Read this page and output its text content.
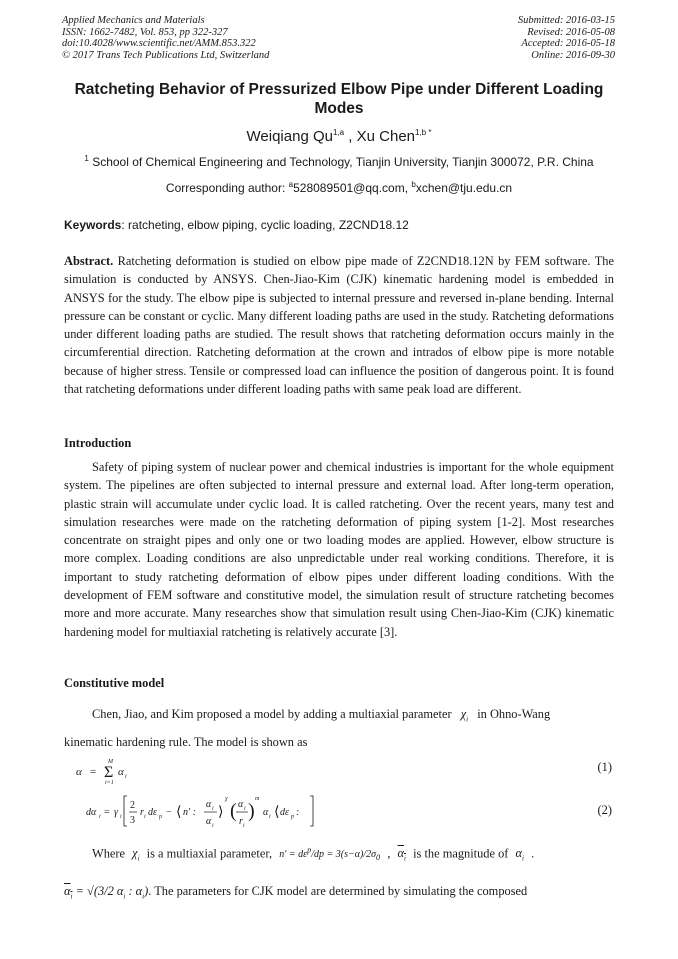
Applied Mechanics and Materials
ISSN: 1662-7482, Vol. 853, pp 322-327
doi:10.4028/www.scientific.net/AMM.853.322
© 2017 Trans Tech Publications Ltd, Switzerland
Submitted: 2016-03-15
Revised: 2016-05-08
Accepted: 2016-05-18
Online: 2016-09-30
Ratcheting Behavior of Pressurized Elbow Pipe under Different Loading Modes
Weiqiang Qu$^{1,a}$ , Xu Chen$^{1,b *}$
$^1$ School of Chemical Engineering and Technology, Tianjin University, Tianjin 300072, P.R. China
Corresponding author: $^a$528089501@qq.com, $^b$xchen@tju.edu.cn
Keywords: ratcheting, elbow piping, cyclic loading, Z2CND18.12
Abstract. Ratcheting deformation is studied on elbow pipe made of Z2CND18.12N by FEM software. The simulation is conducted by ANSYS. Chen-Jiao-Kim (CJK) kinematic hardening model is embedded in ANSYS for the study. The elbow pipe is subjected to internal pressure and reversed in-plane bending. Internal pressure can be constant or cyclic. Many different loading paths are used in the study. Ratcheting deformations under different loading paths are studied. The result shows that ratcheting deformation occurs mainly in the circumferential direction. Ratcheting deformation at the crown and intrados of elbow pipe is more notable because of higher stress. Tensile or compressed load can influence the position of dangerous point. It is found that ratcheting deformations under different loading paths with same peak load are different.
Introduction
Safety of piping system of nuclear power and chemical industries is important for the whole equipment system. The pipelines are often subjected to internal pressure and external load. After long-term operation, plastic strain will accumulate under cyclic load. It is called ratcheting. Over the recent years, many test and simulation researches were made on the ratcheting deformation of piping system [1-2]. Most researches concentrate on straight pipes and only one or two loading modes are applied. However, elbow structure is more complex. Loading conditions are also unpredictable under real working conditions. Therefore, it is important to study ratcheting deformation of elbow pipes under different loading conditions. With the development of FEM software and constitutive model, the simulation result of structure ratcheting becomes more and more accurate. Many researches show that simulation result using Chen-Jiao-Kim (CJK) kinematic hardening model for multiaxial ratcheting is relatively accurate [3].
Constitutive model
Chen, Jiao, and Kim proposed a model by adding a multiaxial parameter $\chi_i$ in Ohno-Wang
kinematic hardening rule. The model is shown as
α = Σ
M
i=1
α i
(1)
dα i = γ i
2
3
r i dε p − ⟨ n′ :
α i
α i
⟩
χ
( α i
r i
)
m
α i ⟨ dε p :	(2)
Where $\chi_i$ is a multiaxial parameter, $n' = d\varepsilon^p/dp = 3(s-\alpha)/2\sigma_0$ , $\alpha_i$ is the magnitude of $\alpha_i$ .
$\alpha_i = √(3/2$ $\alpha_i$ : $\alpha_i$). The parameters for CJK model are determined by simulating the composed
